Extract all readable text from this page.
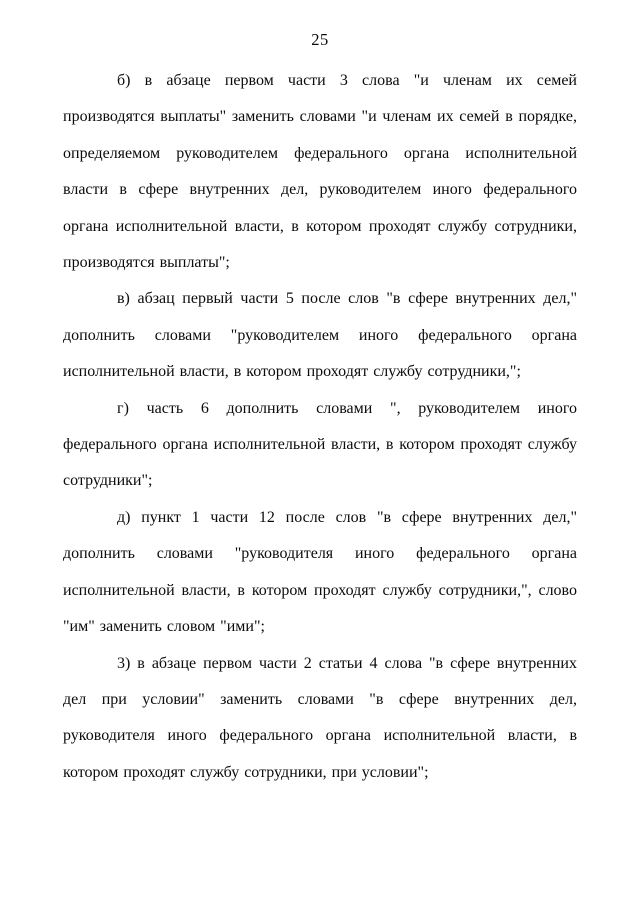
25

б) в абзаце первом части 3 слова "и членам их семей производятся выплаты" заменить словами "и членам их семей в порядке, определяемом руководителем федерального органа исполнительной власти в сфере внутренних дел, руководителем иного федерального органа исполнительной власти, в котором проходят службу сотрудники, производятся выплаты";

в) абзац первый части 5 после слов "в сфере внутренних дел," дополнить словами "руководителем иного федерального органа исполнительной власти, в котором проходят службу сотрудники,";

г) часть 6 дополнить словами ", руководителем иного федерального органа исполнительной власти, в котором проходят службу сотрудники";

д) пункт 1 части 12 после слов "в сфере внутренних дел," дополнить словами "руководителя иного федерального органа исполнительной власти, в котором проходят службу сотрудники,", слово "им" заменить словом "ими";

3) в абзаце первом части 2 статьи 4 слова "в сфере внутренних дел при условии" заменить словами "в сфере внутренних дел, руководителя иного федерального органа исполнительной власти, в котором проходят службу сотрудники, при условии";
